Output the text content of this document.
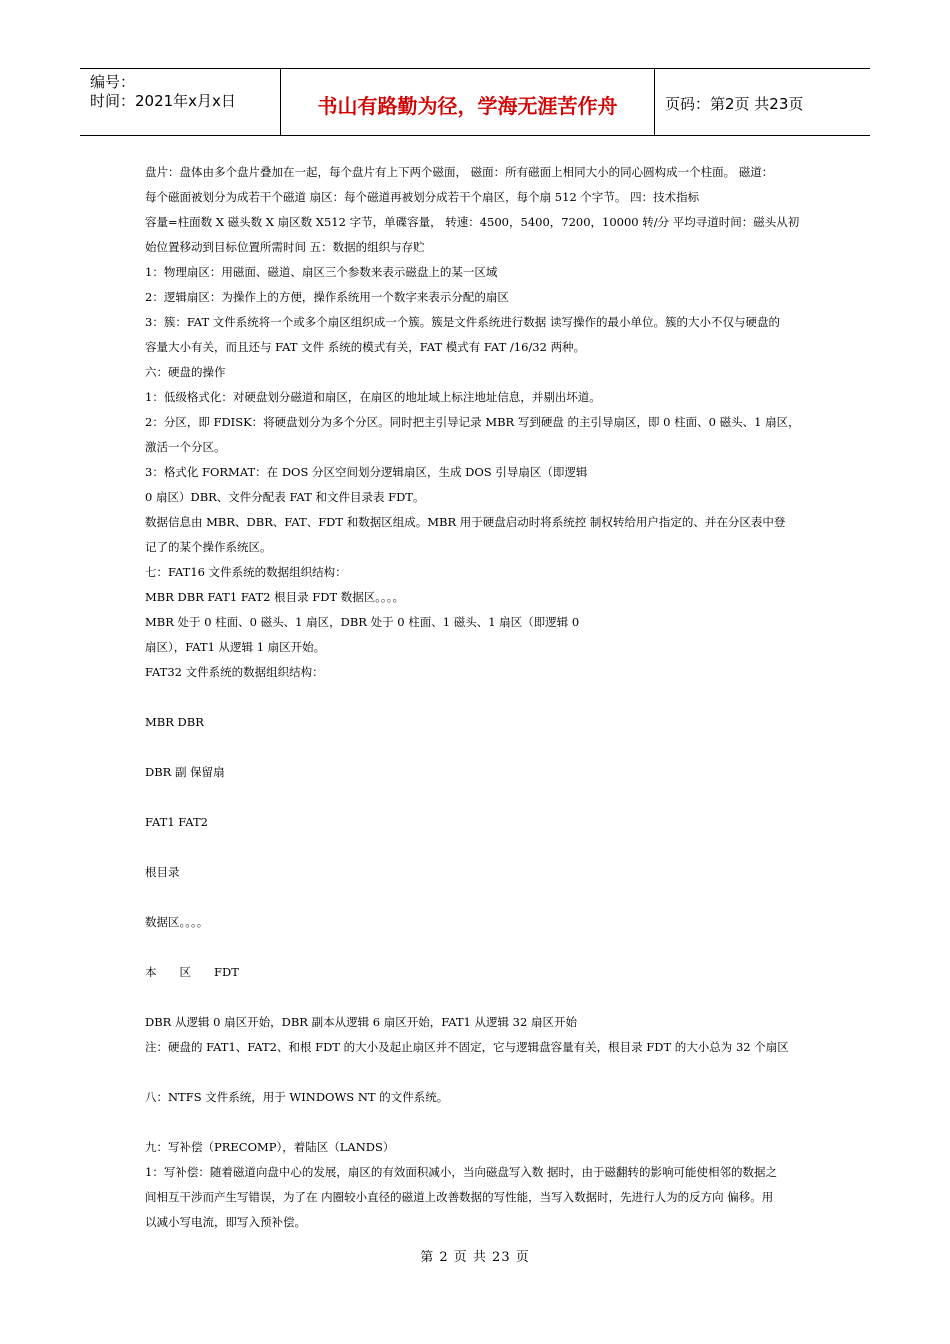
编号：
时间：2021年x月x日	书山有路勤为径，学海无涯苦作舟	页码：第2页 共23页

盘片：盘体由多个盘片叠加在一起，每个盘片有上下两个磁面， 磁面：所有磁面上相同大小的同心圆构成一个柱面。 磁道：

每个磁面被划分为成若干个磁道 扇区：每个磁道再被划分成若干个扇区，每个扇 512 个字节。 四：技术指标

容量=柱面数 X 磁头数 X 扇区数 X512 字节，单碟容量， 转速：4500，5400，7200，10000 转/分 平均寻道时间：磁头从初

始位置移动到目标位置所需时间 五：数据的组织与存贮

1：物理扇区：用磁面、磁道、扇区三个参数来表示磁盘上的某一区域

2：逻辑扇区：为操作上的方便，操作系统用一个数字来表示分配的扇区

3：簇：FAT 文件系统将一个或多个扇区组织成一个簇。簇是文件系统进行数据 读写操作的最小单位。簇的大小不仅与硬盘的

容量大小有关，而且还与 FAT 文件 系统的模式有关，FAT 模式有 FAT /16/32 两种。

六：硬盘的操作

1：低级格式化：对硬盘划分磁道和扇区，在扇区的地址域上标注地址信息，并剔出坏道。

2：分区，即 FDISK：将硬盘划分为多个分区。同时把主引导记录 MBR 写到硬盘 的主引导扇区，即 0 柱面、0 磁头、1 扇区，

激活一个分区。

3：格式化 FORMAT：在 DOS 分区空间划分逻辑扇区，生成 DOS 引导扇区（即逻辑

0 扇区）DBR、文件分配表 FAT 和文件目录表 FDT。

数据信息由 MBR、DBR、FAT、FDT 和数据区组成。MBR 用于硬盘启动时将系统控 制权转给用户指定的、并在分区表中登

记了的某个操作系统区。

七：FAT16 文件系统的数据组织结构：

MBR DBR FAT1 FAT2 根目录 FDT 数据区。。。。

MBR 处于 0 柱面、0 磁头、1 扇区，DBR 处于 0 柱面、1 磁头、1 扇区（即逻辑 0

扇区），FAT1 从逻辑 1 扇区开始。

FAT32 文件系统的数据组织结构：

MBR DBR

DBR 副 保留扇

FAT1 FAT2

根目录

数据区。。。。

本　　区　　FDT

DBR 从逻辑 0 扇区开始，DBR 副本从逻辑 6 扇区开始，FAT1 从逻辑 32 扇区开始

注：硬盘的 FAT1、FAT2、和根 FDT 的大小及起止扇区并不固定，它与逻辑盘容量有关，根目录 FDT 的大小总为 32 个扇区

八：NTFS 文件系统，用于 WINDOWS NT 的文件系统。

九：写补偿（PRECOMP），着陆区（LANDS）

1：写补偿：随着磁道向盘中心的发展，扇区的有效面积减小，当向磁盘写入数 据时，由于磁翻转的影响可能使相邻的数据之

间相互干涉而产生写错误，为了在 内圈较小直径的磁道上改善数据的写性能，当写入数据时，先进行人为的反方向 偏移。用

以减小写电流，即写入预补偿。

第 2 页 共 23 页
